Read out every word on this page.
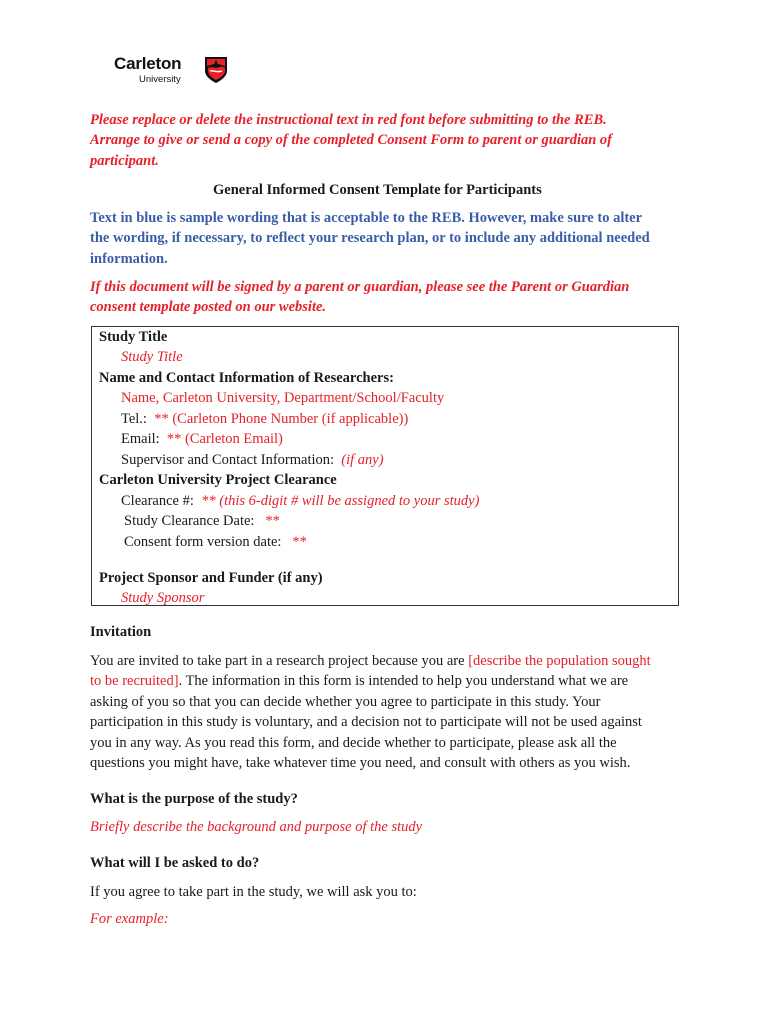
Carleton
University
Please replace or delete the instructional text in red font before submitting to the REB.
Arrange to give or send a copy of the completed Consent Form to parent or guardian of
participant.
General Informed Consent Template for Participants
Text in blue is sample wording that is acceptable to the REB. However, make sure to alter
the wording, if necessary, to reflect your research plan, or to include any additional needed
information.
If this document will be signed by a parent or guardian, please see the Parent or Guardian
consent template posted on our website.
Study Title
Study Title
Name and Contact Information of Researchers:
Name, Carleton University, Department/School/Faculty
Tel.: ** (Carleton Phone Number (if applicable))
Email: ** (Carleton Email)
Supervisor and Contact Information: (if any)
Carleton University Project Clearance
Clearance #: ** (this 6-digit # will be assigned to your study)
Study Clearance Date: **
Consent form version date: **
Project Sponsor and Funder (if any)
Study Sponsor
Invitation
You are invited to take part in a research project because you are [describe the population sought
to be recruited]. The information in this form is intended to help you understand what we are
asking of you so that you can decide whether you agree to participate in this study. Your
participation in this study is voluntary, and a decision not to participate will not be used against
you in any way. As you read this form, and decide whether to participate, please ask all the
questions you might have, take whatever time you need, and consult with others as you wish.
What is the purpose of the study?
Briefly describe the background and purpose of the study
What will I be asked to do?
If you agree to take part in the study, we will ask you to:
For example:
